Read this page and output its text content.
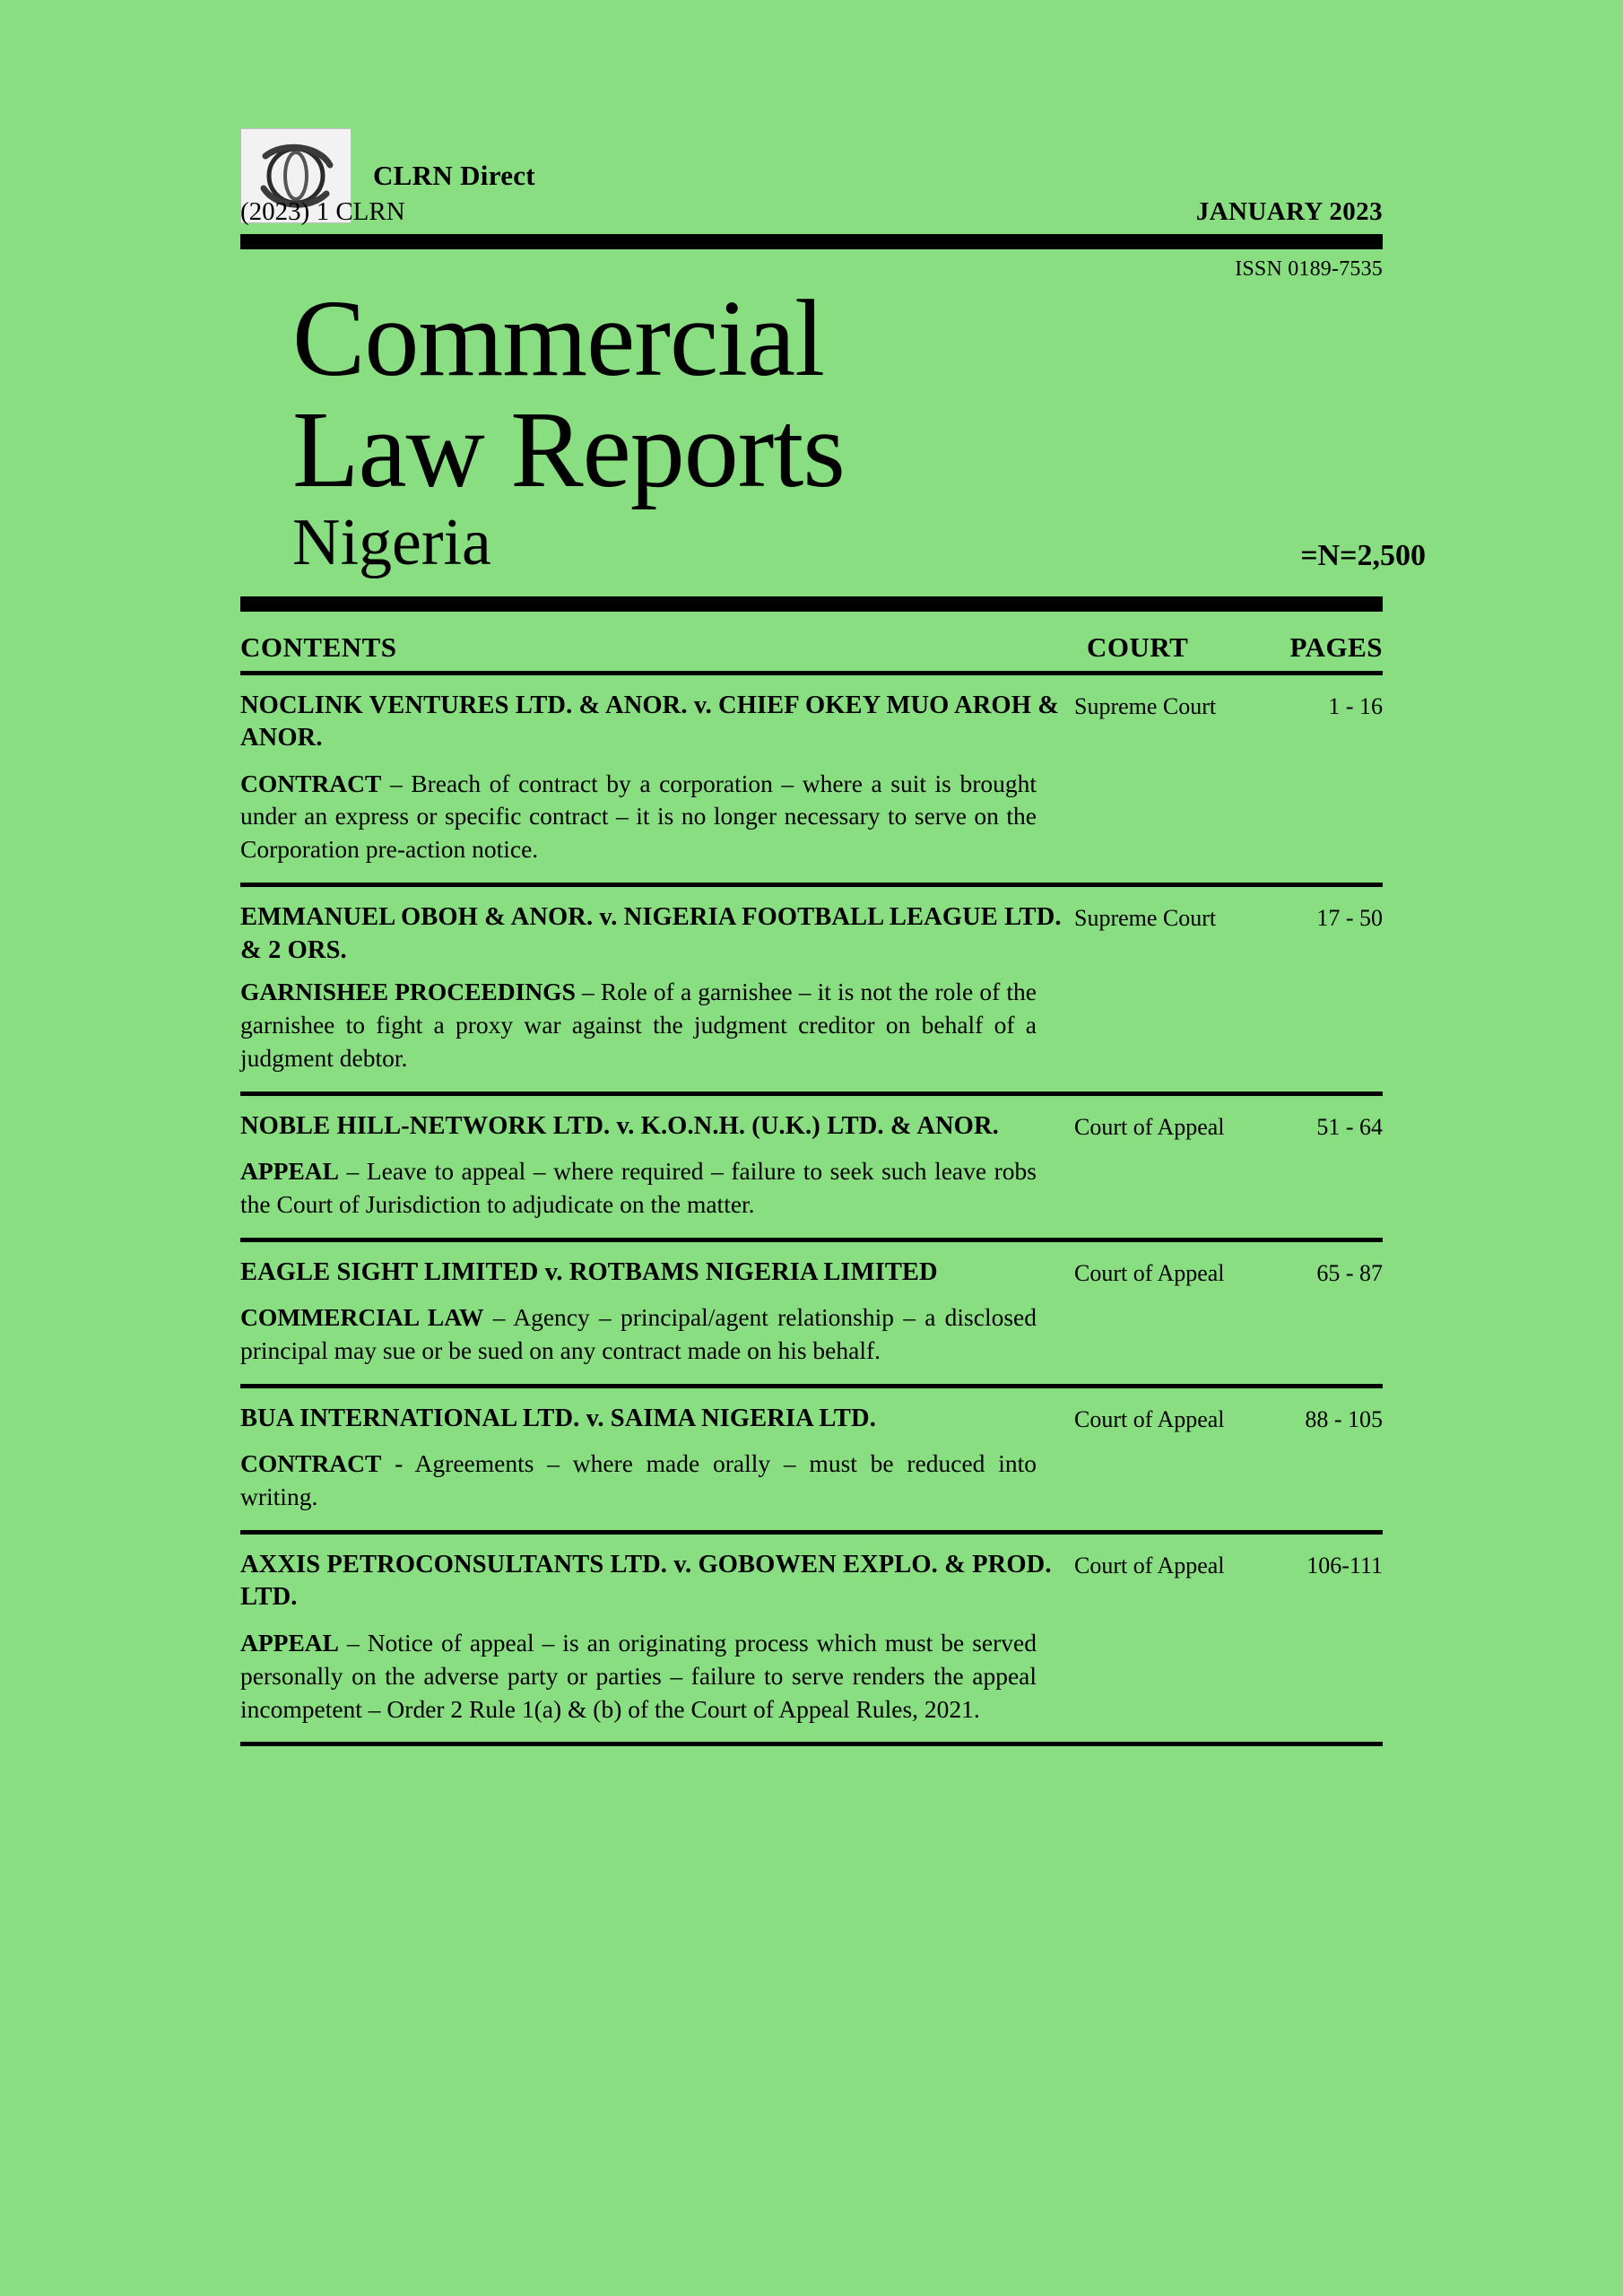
CLRN Direct
(2023) 1 CLRN	JANUARY 2023
ISSN 0189-7535
Commercial
Law Reports
Nigeria	=N=2,500
CONTENTS	COURT	PAGES
NOCLINK VENTURES LTD. & ANOR. v. CHIEF OKEY MUO AROH & ANOR.
Supreme Court	1 - 16
CONTRACT – Breach of contract by a corporation – where a suit is brought under an express or specific contract – it is no longer necessary to serve on the Corporation pre-action notice.
EMMANUEL OBOH & ANOR. v. NIGERIA FOOTBALL LEAGUE LTD. & 2 ORS.
Supreme Court	17 - 50
GARNISHEE PROCEEDINGS – Role of a garnishee – it is not the role of the garnishee to fight a proxy war against the judgment creditor on behalf of a judgment debtor.
NOBLE HILL-NETWORK LTD. v. K.O.N.H. (U.K.) LTD. & ANOR.	Court of Appeal	51 - 64
APPEAL – Leave to appeal – where required – failure to seek such leave robs the Court of Jurisdiction to adjudicate on the matter.
EAGLE SIGHT LIMITED v. ROTBAMS NIGERIA LIMITED	Court of Appeal	65 - 87
COMMERCIAL LAW – Agency – principal/agent relationship – a disclosed principal may sue or be sued on any contract made on his behalf.
BUA INTERNATIONAL LTD. v. SAIMA NIGERIA LTD.	Court of Appeal	88 - 105
CONTRACT - Agreements – where made orally – must be reduced into writing.
AXXIS PETROCONSULTANTS LTD. v. GOBOWEN EXPLO. & PROD. LTD.
Court of Appeal	106-111
APPEAL – Notice of appeal – is an originating process which must be served personally on the adverse party or parties – failure to serve renders the appeal incompetent – Order 2 Rule 1(a) & (b) of the Court of Appeal Rules, 2021.
